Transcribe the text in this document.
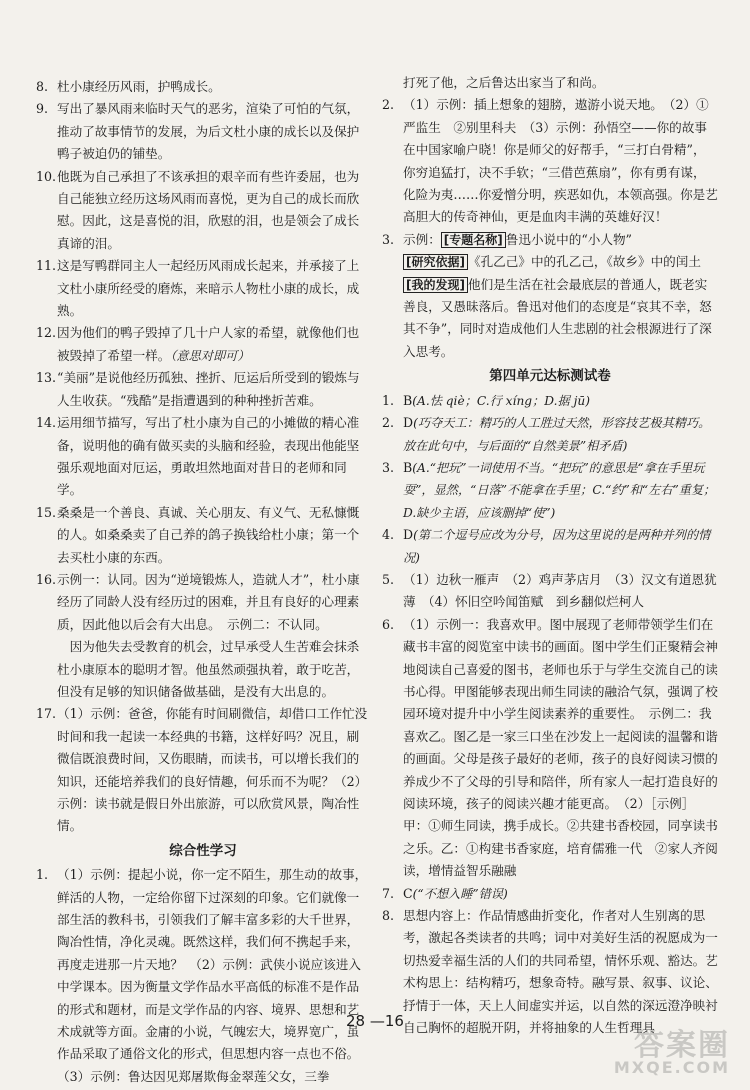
8. 杜小康经历风雨，护鸭成长。
9. 写出了暴风雨来临时天气的恶劣，渲染了可怕的气氛，推动了故事情节的发展，为后文杜小康的成长以及保护鸭子被迫仍的铺垫。
10.他既为自己承担了不该承担的艰辛而有些许委屈，也为自己能独立经历这场风雨而喜悦，更为自己的成长而欣慰。因此，这是喜悦的泪，欣慰的泪，也是领会了成长真谛的泪。
11.这是写鸭群同主人一起经历风雨成长起来，并承接了上文杜小康所经受的磨炼，来暗示人物杜小康的成长，成熟。
12.因为他们的鸭子毁掉了几十户人家的希望，就像他们也被毁掉了希望一样。（意思对即可）
13.“美丽”是说他经历孤独、挫折、厄运后所受到的锻炼与人生收获。“残酷”是指遭遇到的种种挫折苦难。
14.运用细节描写，写出了杜小康为自己的小摊做的精心准备，说明他的确有做买卖的头脑和经验，表现出他能坚强乐观地面对厄运，勇敢坦然地面对昔日的老师和同学。
15.桑桑是一个善良、真诚、关心朋友、有义气、无私慷慨的人。如桑桑卖了自己养的鸽子换钱给杜小康；第一个去买杜小康的东西。
16.示例一：认同。因为“逆境锻炼人，造就人才”，杜小康经历了同龄人没有经历过的困难，并且有良好的心理素质，因此他以后会有大出息。　示例二：不认同。
　因为他失去受教育的机会，过早承受人生苦难会抹杀杜小康原本的聪明才智。他虽然顽强执着，敢于吃苦，但没有足够的知识储备做基础，是没有大出息的。
17.（1）示例：爸爸，你能有时间刷微信，却借口工作忙没时间和我一起读一本经典的书籍，这样好吗？况且，刷微信既浪费时间，又伤眼睛，而读书，可以增长我们的知识，还能培养我们的良好情趣，何乐而不为呢？（2）示例：读书就是假日外出旅游，可以欣赏风景，陶冶性情。
综合性学习
1. （1）示例：提起小说，你一定不陌生，那生动的故事，鲜活的人物，一定给你留下过深刻的印象。它们就像一部生活的教科书，引领我们了解丰富多彩的大千世界，陶冶性情，净化灵魂。既然这样，我们何不携起手来，再度走进那一片天地？　（2）示例：武侠小说应该进入中学课本。因为衡量文学作品水平高低的标准不是作品的形式和题材，而是文学作品的内容、境界、思想和艺术成就等方面。金庸的小说，气魄宏大，境界宽广，虽作品采取了通俗文化的形式，但思想内容一点也不俗。　（3）示例：鲁达因见郑屠欺侮金翠莲父女，三拳
打死了他，之后鲁达出家当了和尚。
2. （1）示例：插上想象的翅膀，遨游小说天地。　（2）①严监生　②别里科夫　（3）示例：孙悟空——你的故事在中国家喻户晓！你是师父的好帮手，“三打白骨精”，你穷追猛打，决不手软；“三借芭蕉扇”，你有勇有谋，化险为夷……你爱憎分明，疾恶如仇，本领高强。你是艺高胆大的传奇神仙，更是血肉丰满的英雄好汉！
3. 示例： [专题名称] 鲁迅小说中的“小人物”
[研究依据] 《孔乙己》中的孔乙己，《故乡》中的闰土
[我的发现] 他们是生活在社会最底层的普通人，既老实善良，又愚昧落后。鲁迅对他们的态度是“哀其不幸，怒其不争”，同时对造成他们人生悲剧的社会根源进行了深入思考。
第四单元达标测试卷
1. B(A.怯 qiè；C.行 xíng；D.据 jū)
2. D(巧夺天工：精巧的人工胜过天然，形容技艺极其精巧。放在此句中，与后面的“自然美景”相矛盾)
3. B(A.“把玩”一词使用不当。“把玩”的意思是“拿在手里玩耍”，显然，“日落”不能拿在手里；C.“约”和“左右”重复；D.缺少主语，应该删掉“使”)
4. D(第二个逗号应改为分号，因为这里说的是两种并列的情况)
5. （1）边秋一雁声　（2）鸡声茅店月　（3）汉文有道恩犹薄　（4）怀旧空吟闻笛赋　到乡翻似烂柯人
6. （1）示例一：我喜欢甲。图中展现了老师带领学生们在藏书丰富的阅览室中读书的画面。图中学生们正聚精会神地阅读自己喜爱的图书，老师也乐于与学生交流自己的读书心得。甲图能够表现出师生同读的融洽气氛，强调了校园环境对提升中小学生阅读素养的重要性。　示例二：我喜欢乙。图乙是一家三口坐在沙发上一起阅读的温馨和谐的画面。父母是孩子最好的老师，孩子的良好阅读习惯的养成少不了父母的引导和陪伴，所有家人一起打造良好的阅读环境，孩子的阅读兴趣才能更高。　（2）［示例］甲：①师生同读，携手成长。②共建书香校园，同享读书之乐。乙：①构建书香家庭，培育儒雅一代　②家人齐阅读，增情益智乐融融
7. C(“不想入睡”错误)
8. 思想内容上：作品情感曲折变化，作者对人生别离的思考，激起各类读者的共鸣；词中对美好生活的祝愿成为一切热爱幸福生活的人们的共同希望，情怀乐观、豁达。艺术构思上：结构精巧，想象奇特。融写景、叙事、议论、抒情于一体，天上人间虚实并运，以自然的深远澄净映衬自己胸怀的超脱开阴，并将抽象的人生哲理具
28 —16
答案圈
MXQE.COM
